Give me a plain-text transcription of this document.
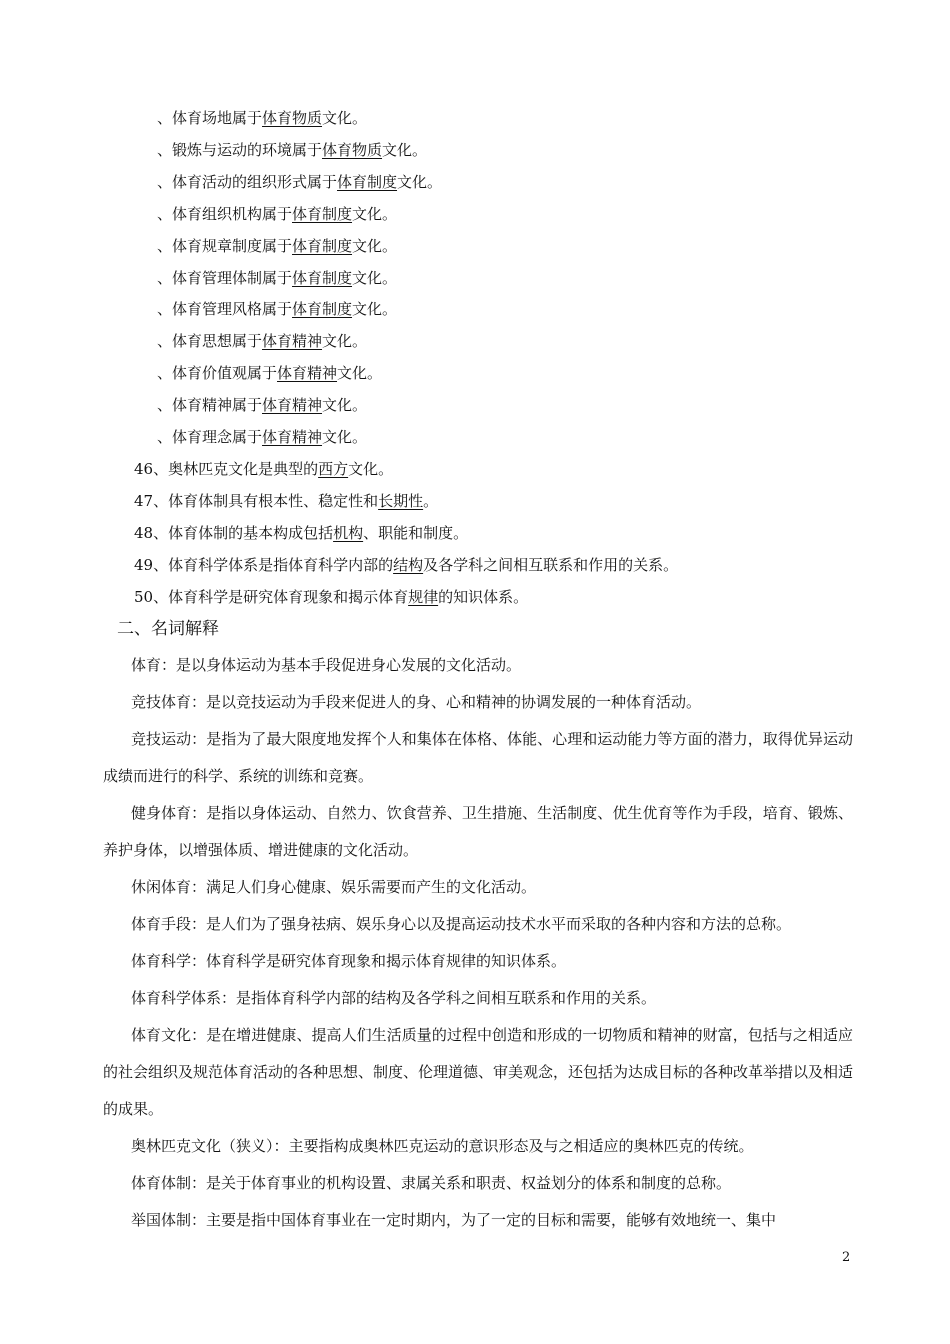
、体育场地属于体育物质文化。
、锻炼与运动的环境属于体育物质文化。
、体育活动的组织形式属于体育制度文化。
、体育组织机构属于体育制度文化。
、体育规章制度属于体育制度文化。
、体育管理体制属于体育制度文化。
、体育管理风格属于体育制度文化。
、体育思想属于体育精神文化。
、体育价值观属于体育精神文化。
、体育精神属于体育精神文化。
、体育理念属于体育精神文化。
46、奥林匹克文化是典型的西方文化。
47、体育体制具有根本性、稳定性和长期性。
48、体育体制的基本构成包括机构、职能和制度。
49、体育科学体系是指体育科学内部的结构及各学科之间相互联系和作用的关系。
50、体育科学是研究体育现象和揭示体育规律的知识体系。
二、名词解释

体育：是以身体运动为基本手段促进身心发展的文化活动。

竞技体育：是以竞技运动为手段来促进人的身、心和精神的协调发展的一种体育活动。

竞技运动：是指为了最大限度地发挥个人和集体在体格、体能、心理和运动能力等方面的潜力，取得优异运动成绩而进行的科学、系统的训练和竞赛。

健身体育：是指以身体运动、自然力、饮食营养、卫生措施、生活制度、优生优育等作为手段，培育、锻炼、养护身体，以增强体质、增进健康的文化活动。

休闲体育：满足人们身心健康、娱乐需要而产生的文化活动。

体育手段：是人们为了强身祛病、娱乐身心以及提高运动技术水平而采取的各种内容和方法的总称。

体育科学：体育科学是研究体育现象和揭示体育规律的知识体系。

体育科学体系：是指体育科学内部的结构及各学科之间相互联系和作用的关系。

体育文化：是在增进健康、提高人们生活质量的过程中创造和形成的一切物质和精神的财富，包括与之相适应的社会组织及规范体育活动的各种思想、制度、伦理道德、审美观念，还包括为达成目标的各种改革举措以及相适的成果。

奥林匹克文化（狭义）：主要指构成奥林匹克运动的意识形态及与之相适应的奥林匹克的传统。

体育体制：是关于体育事业的机构设置、隶属关系和职责、权益划分的体系和制度的总称。

举国体制：主要是指中国体育事业在一定时期内，为了一定的目标和需要，能够有效地统一、集中

2
